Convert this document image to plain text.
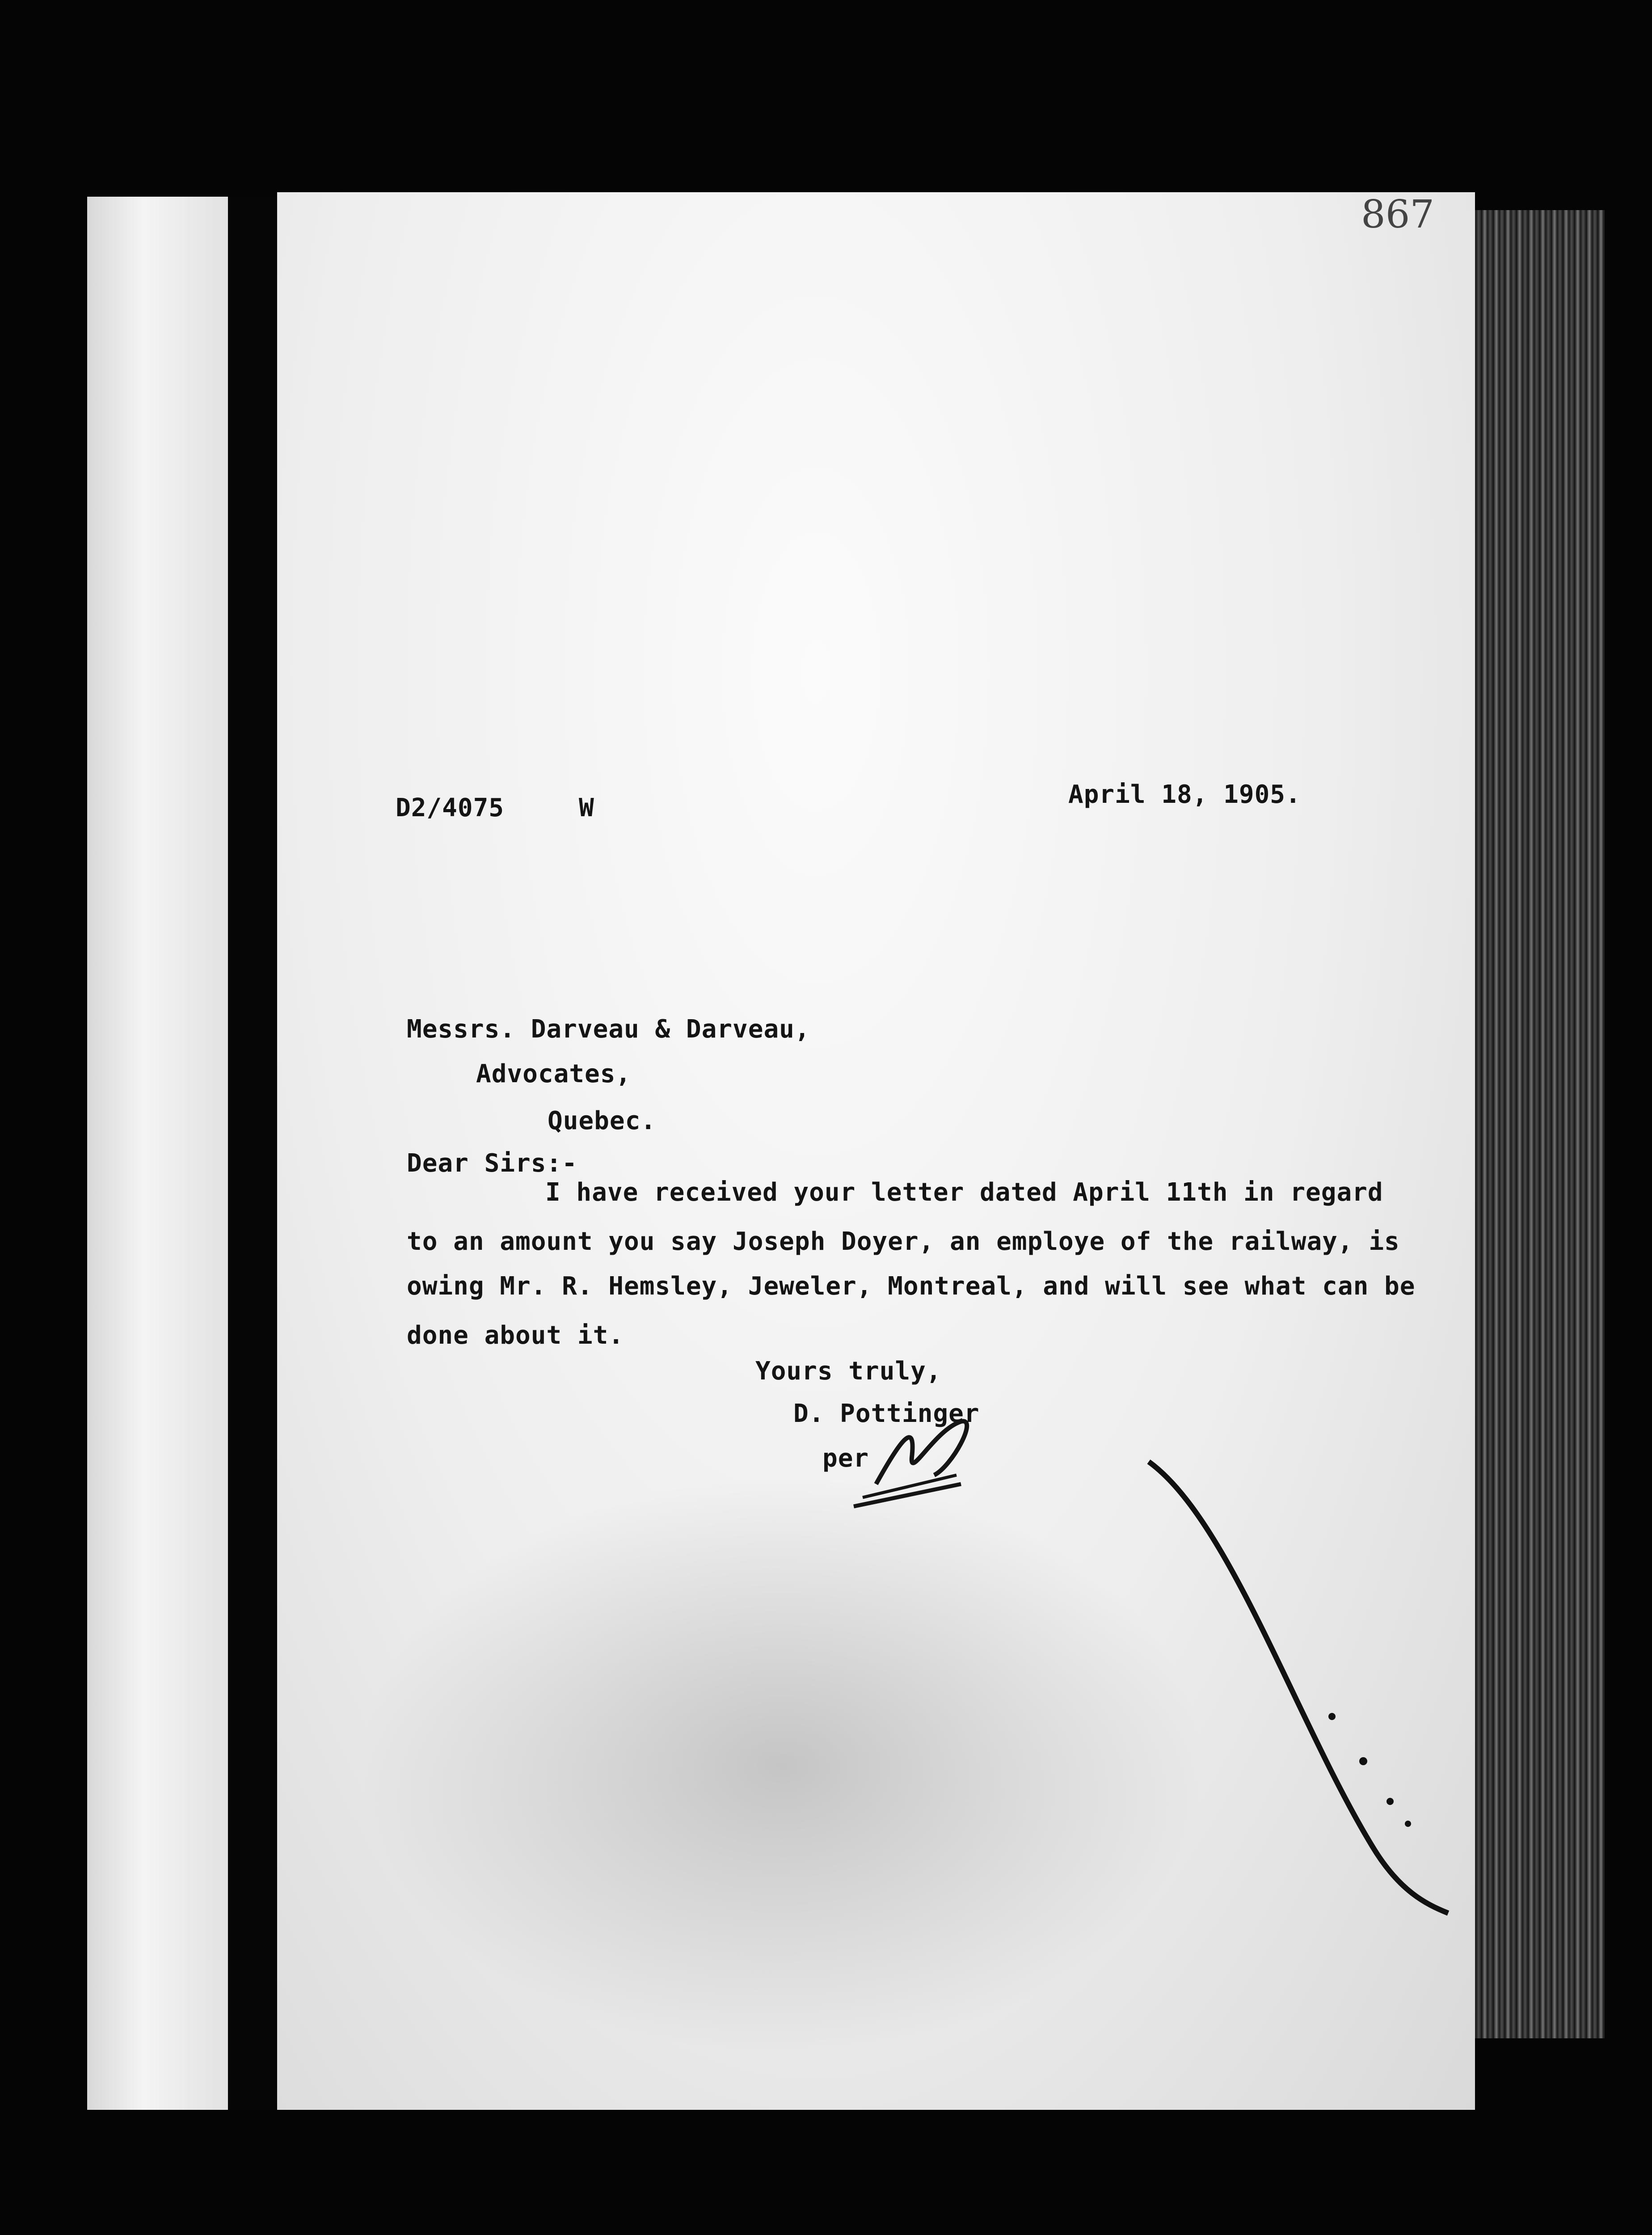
867
D2/4075	W	April 18, 1905.
Messrs. Darveau & Darveau,
Advocates,
Quebec.
Dear Sirs:-
I have received your letter dated April 11th in regard
to an amount you say Joseph Doyer, an employe of the railway, is
owing Mr. R. Hemsley, Jeweler, Montreal, and will see what can be
done about it.
Yours truly,
D. Pottinger
per
